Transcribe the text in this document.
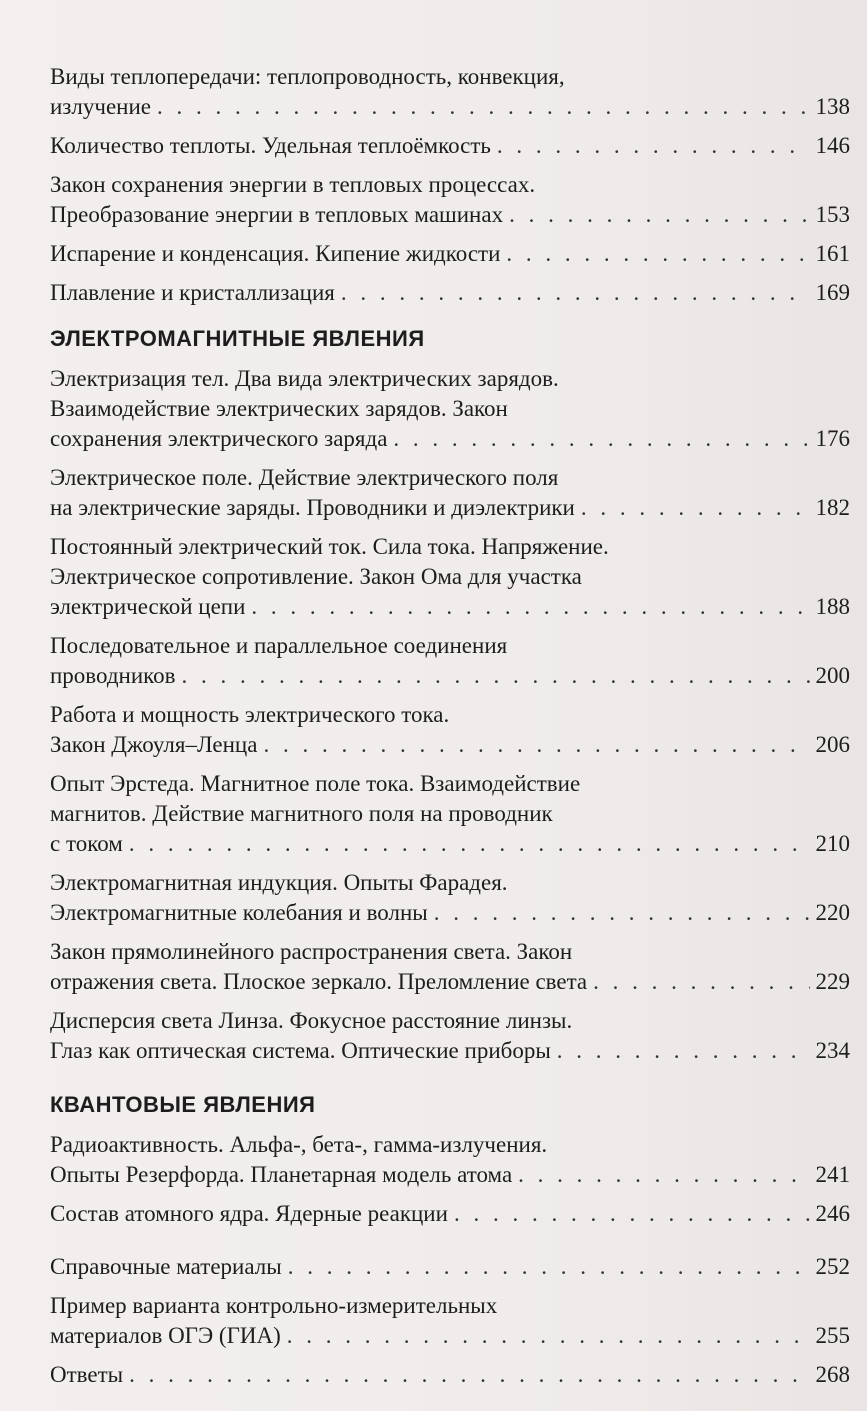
Виды теплопередачи: теплопроводность, конвекция,
излучение . . .	138
Количество теплоты. Удельная теплоёмкость . . .	146
Закон сохранения энергии в тепловых процессах.
Преобразование энергии в тепловых машинах . . .	153
Испарение и конденсация. Кипение жидкости . . .	161
Плавление и кристаллизация . . .	169
ЭЛЕКТРОМАГНИТНЫЕ ЯВЛЕНИЯ
Электризация тел. Два вида электрических зарядов.
Взаимодействие электрических зарядов. Закон
сохранения электрического заряда . . .	176
Электрическое поле. Действие электрического поля
на электрические заряды. Проводники и диэлектрики . . .	182
Постоянный электрический ток. Сила тока. Напряжение.
Электрическое сопротивление. Закон Ома для участка
электрической цепи . . .	188
Последовательное и параллельное соединения
проводников . . .	200
Работа и мощность электрического тока.
Закон Джоуля–Ленца . . .	206
Опыт Эрстеда. Магнитное поле тока. Взаимодействие
магнитов. Действие магнитного поля на проводник
с током . . .	210
Электромагнитная индукция. Опыты Фарадея.
Электромагнитные колебания и волны . . .	220
Закон прямолинейного распространения света. Закон
отражения света. Плоское зеркало. Преломление света . . .	229
Дисперсия света Линза. Фокусное расстояние линзы.
Глаз как оптическая система. Оптические приборы . . .	234
КВАНТОВЫЕ ЯВЛЕНИЯ
Радиоактивность. Альфа-, бета-, гамма-излучения.
Опыты Резерфорда. Планетарная модель атома . . .	241
Состав атомного ядра. Ядерные реакции . . .	246
Справочные материалы . . .	252
Пример варианта контрольно-измерительных
материалов ОГЭ (ГИА) . . .	255
Ответы . . .	268
